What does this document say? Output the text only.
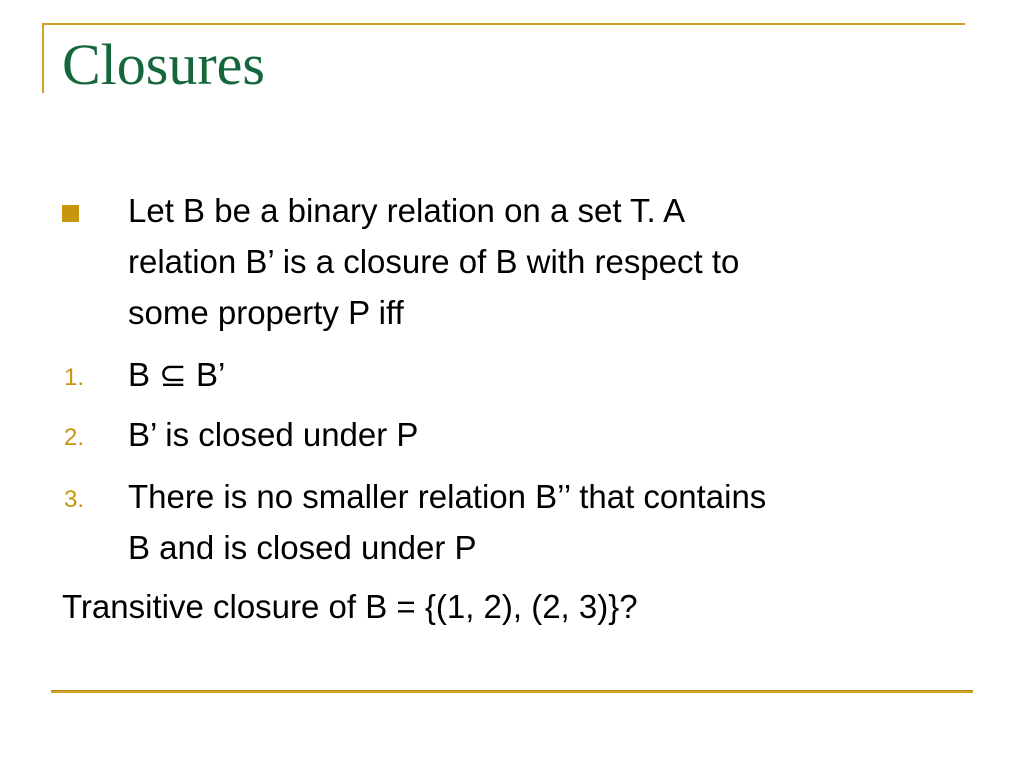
Closures
Let B be a binary relation on a set T. A
relation B’ is a closure of B with respect to
some property P iff
1. B ⊆ B’
2. B’ is closed under P
3. There is no smaller relation B’’ that contains
B and is closed under P
Transitive closure of B = {(1, 2), (2, 3)}?
